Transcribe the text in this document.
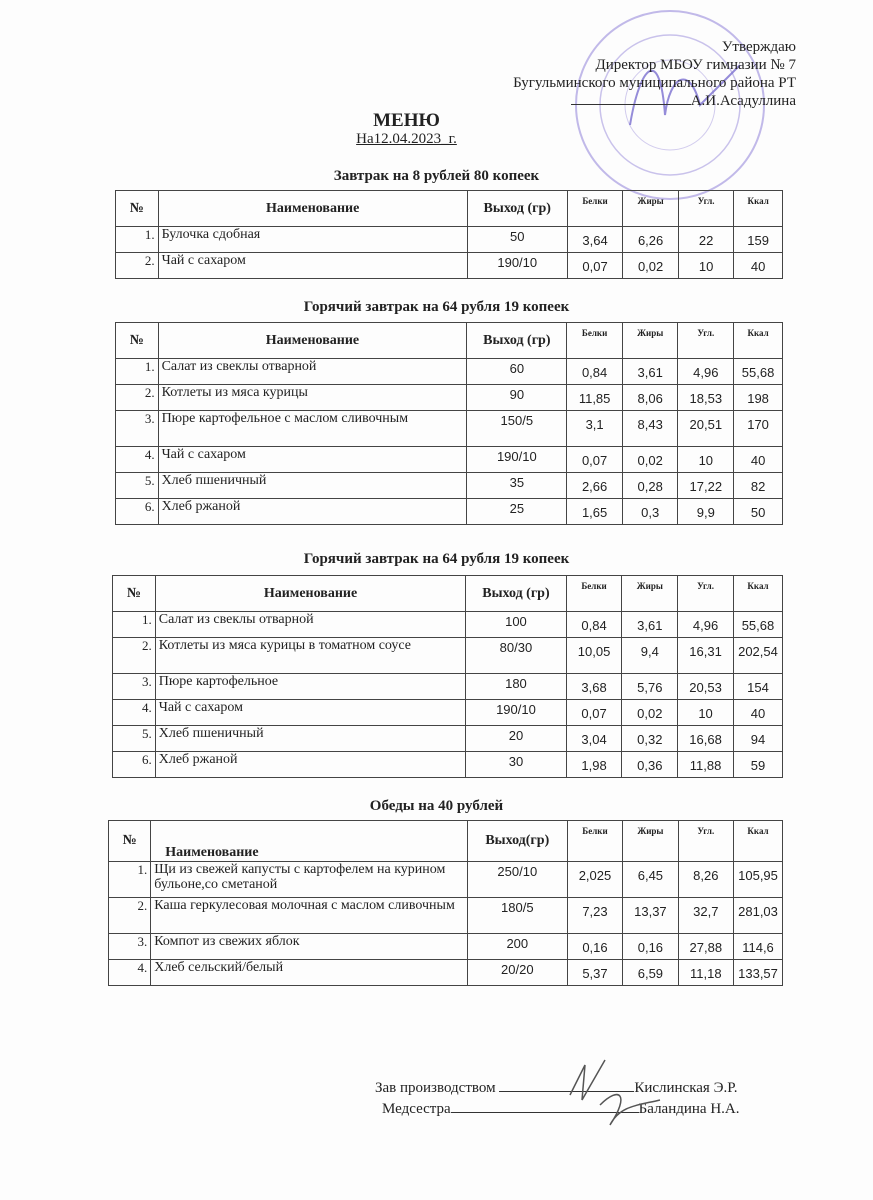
Утверждаю
Директор МБОУ гимназии № 7
Бугульминского муниципального района РТ
А.И.Асадуллина
МЕНЮ
На12.04.2023_г.
Завтрак на 8 рублей 80 копеек
№	Наименование	Выход (гр)	Белки	Жиры	Угл.	Ккал
1.	Булочка сдобная	50	3,64	6,26	22	159
2.	Чай с сахаром	190/10	0,07	0,02	10	40
Горячий завтрак на 64 рубля 19 копеек
№	Наименование	Выход (гр)	Белки	Жиры	Угл.	Ккал
1.	Салат из свеклы отварной	60	0,84	3,61	4,96	55,68
2.	Котлеты из мяса курицы	90	11,85	8,06	18,53	198
3.	Пюре картофельное с маслом сливочным	150/5	3,1	8,43	20,51	170
4.	Чай с сахаром	190/10	0,07	0,02	10	40
5.	Хлеб пшеничный	35	2,66	0,28	17,22	82
6.	Хлеб ржаной	25	1,65	0,3	9,9	50
Горячий завтрак на 64 рубля 19 копеек
№	Наименование	Выход (гр)	Белки	Жиры	Угл.	Ккал
1.	Салат из свеклы отварной	100	0,84	3,61	4,96	55,68
2.	Котлеты из мяса курицы в томатном соусе	80/30	10,05	9,4	16,31	202,54
3.	Пюре картофельное	180	3,68	5,76	20,53	154
4.	Чай с сахаром	190/10	0,07	0,02	10	40
5.	Хлеб пшеничный	20	3,04	0,32	16,68	94
6.	Хлеб ржаной	30	1,98	0,36	11,88	59
Обеды на 40 рублей
№	Наименование	Выход(гр)	Белки	Жиры	Угл.	Ккал
1.	Щи из свежей капусты с картофелем на курином бульоне,со сметаной	250/10	2,025	6,45	8,26	105,95
2.	Каша геркулесовая молочная с маслом сливочным	180/5	7,23	13,37	32,7	281,03
3.	Компот из свежих яблок	200	0,16	0,16	27,88	114,6
4.	Хлеб сельский/белый	20/20	5,37	6,59	11,18	133,57
Зав производством	Кислинская Э.Р.
Медсестра	Баландина Н.А.
